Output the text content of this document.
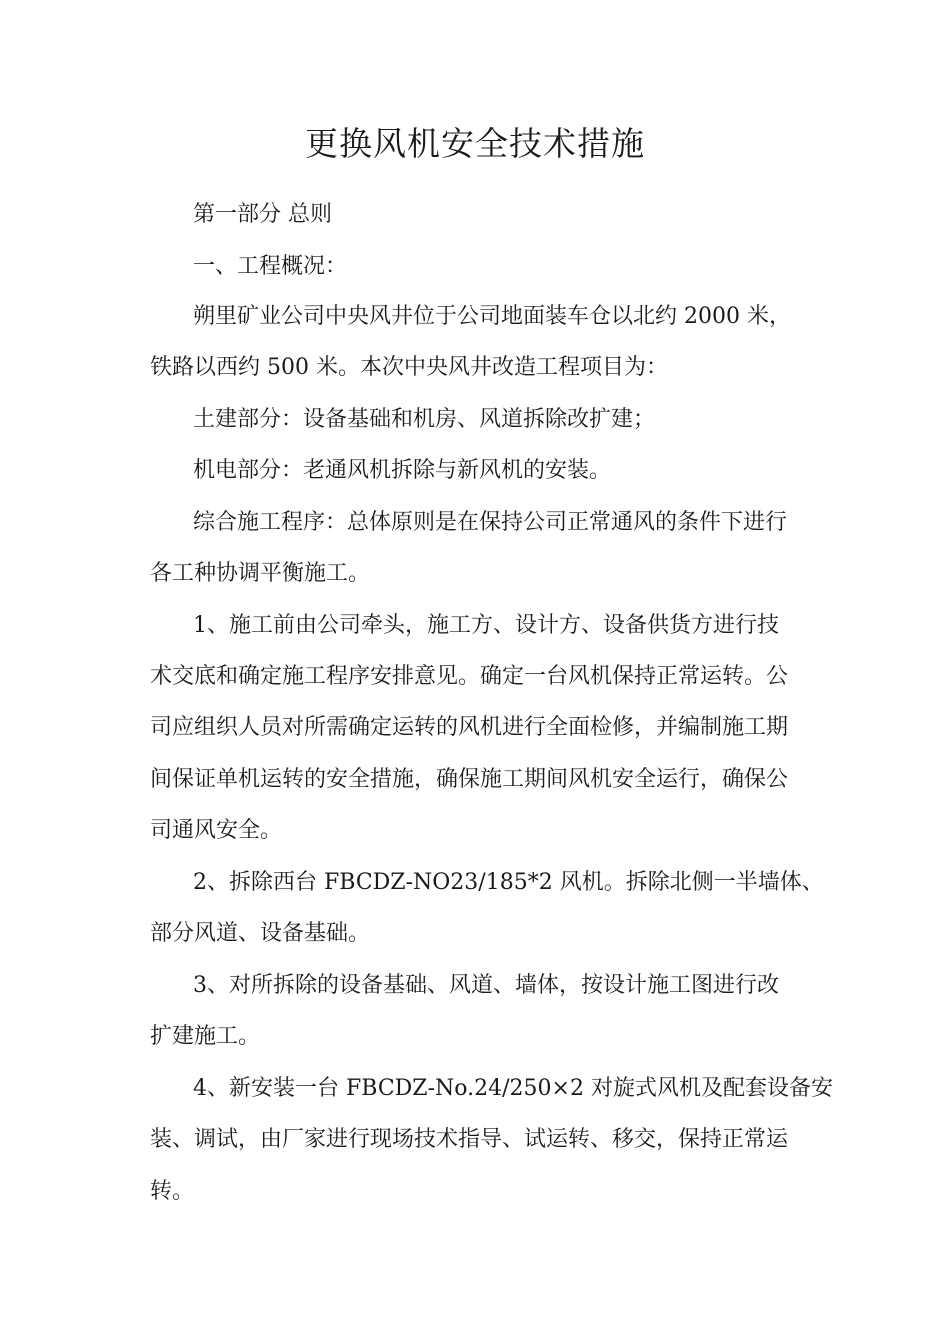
更换风机安全技术措施
第一部分 总则
一、工程概况：
朔里矿业公司中央风井位于公司地面装车仓以北约 2000 米，
铁路以西约 500 米。本次中央风井改造工程项目为：
土建部分：设备基础和机房、风道拆除改扩建；
机电部分：老通风机拆除与新风机的安装。
综合施工程序：总体原则是在保持公司正常通风的条件下进行
各工种协调平衡施工。
1、施工前由公司牵头，施工方、设计方、设备供货方进行技
术交底和确定施工程序安排意见。确定一台风机保持正常运转。公
司应组织人员对所需确定运转的风机进行全面检修，并编制施工期
间保证单机运转的安全措施，确保施工期间风机安全运行，确保公
司通风安全。
2、拆除西台 FBCDZ-NO23/185*2 风机。拆除北侧一半墙体、
部分风道、设备基础。
3、对所拆除的设备基础、风道、墙体，按设计施工图进行改
扩建施工。
4、新安装一台 FBCDZ-No.24/250×2 对旋式风机及配套设备安
装、调试，由厂家进行现场技术指导、试运转、移交，保持正常运
转。
